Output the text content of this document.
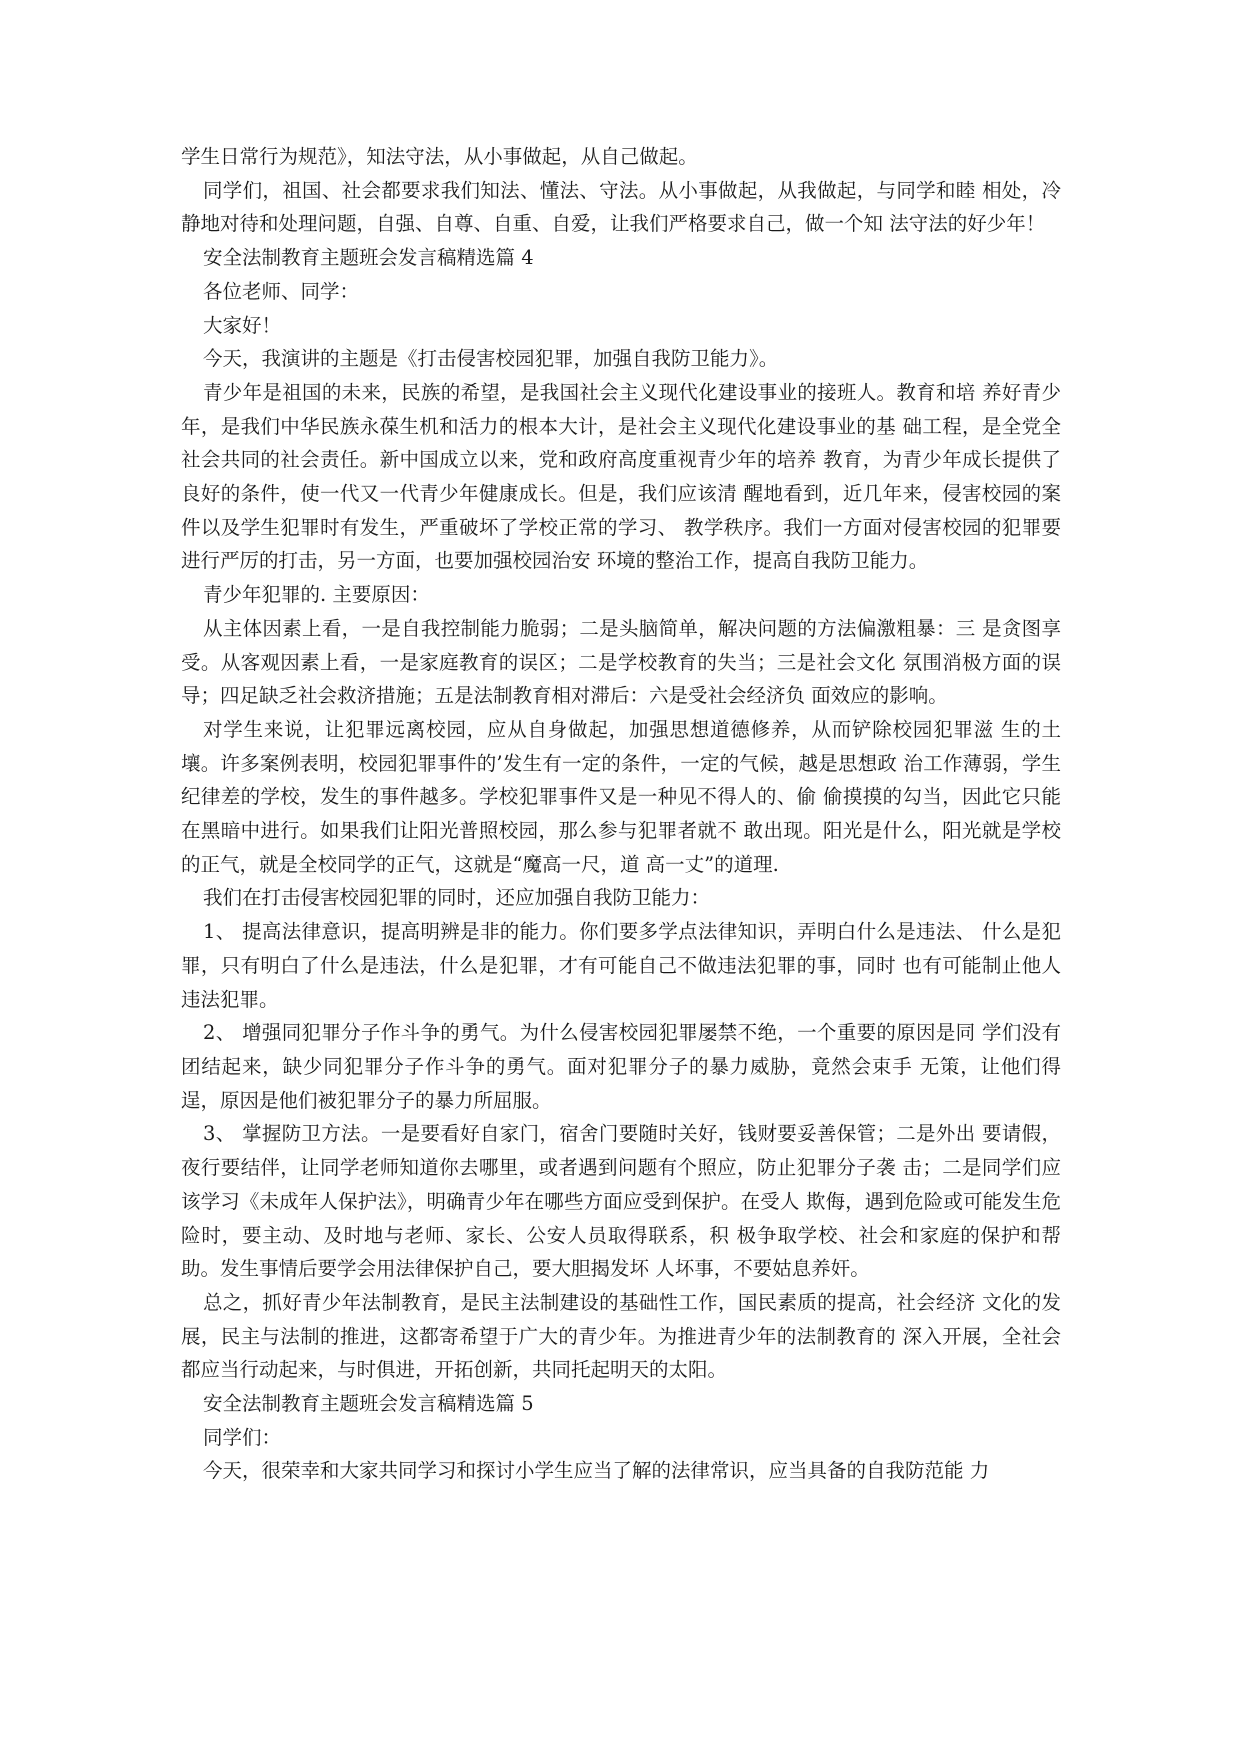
学生日常行为规范》，知法守法，从小事做起，从自己做起。

同学们，祖国、社会都要求我们知法、懂法、守法。从小事做起，从我做起，与同学和睦 相处，冷静地对待和处理问题，自强、自尊、自重、自爱，让我们严格要求自己，做一个知 法守法的好少年！

安全法制教育主题班会发言稿精选篇 4

各位老师、同学：

大家好！

今天，我演讲的主题是《打击侵害校园犯罪，加强自我防卫能力》。

青少年是祖国的未来，民族的希望，是我国社会主义现代化建设事业的接班人。教育和培 养好青少年，是我们中华民族永葆生机和活力的根本大计，是社会主义现代化建设事业的基 础工程，是全党全社会共同的社会责任。新中国成立以来，党和政府高度重视青少年的培养 教育，为青少年成长提供了良好的条件，使一代又一代青少年健康成长。但是，我们应该清 醒地看到，近几年来，侵害校园的案件以及学生犯罪时有发生，严重破坏了学校正常的学习、 教学秩序。我们一方面对侵害校园的犯罪要进行严厉的打击，另一方面，也要加强校园治安 环境的整治工作，提高自我防卫能力。

青少年犯罪的. 主要原因：

从主体因素上看，一是自我控制能力脆弱；二是头脑简单，解决问题的方法偏激粗暴：三 是贪图享受。从客观因素上看，一是家庭教育的误区；二是学校教育的失当；三是社会文化 氛围消极方面的误导；四足缺乏社会救济措施；五是法制教育相对滞后：六是受社会经济负 面效应的影响。

对学生来说，让犯罪远离校园，应从自身做起，加强思想道德修养，从而铲除校园犯罪滋 生的土壤。许多案例表明，校园犯罪事件的’发生有一定的条件，一定的气候，越是思想政 治工作薄弱，学生纪律差的学校，发生的事件越多。学校犯罪事件又是一种见不得人的、偷 偷摸摸的勾当，因此它只能在黑暗中进行。如果我们让阳光普照校园，那么参与犯罪者就不 敢出现。阳光是什么，阳光就是学校的正气，就是全校同学的正气，这就是“魔高一尺，道 高一丈”的道理.

我们在打击侵害校园犯罪的同时，还应加强自我防卫能力：

1、 提高法律意识，提高明辨是非的能力。你们要多学点法律知识，弄明白什么是违法、 什么是犯罪，只有明白了什么是违法，什么是犯罪，才有可能自己不做违法犯罪的事，同时 也有可能制止他人违法犯罪。

2、 增强同犯罪分子作斗争的勇气。为什么侵害校园犯罪屡禁不绝，一个重要的原因是同 学们没有团结起来，缺少同犯罪分子作斗争的勇气。面对犯罪分子的暴力威胁，竟然会束手 无策，让他们得逞，原因是他们被犯罪分子的暴力所屈服。

3、 掌握防卫方法。一是要看好自家门，宿舍门要随时关好，钱财要妥善保管；二是外出 要请假，夜行要结伴，让同学老师知道你去哪里，或者遇到问题有个照应，防止犯罪分子袭 击；二是同学们应该学习《未成年人保护法》，明确青少年在哪些方面应受到保护。在受人 欺侮，遇到危险或可能发生危险时，要主动、及时地与老师、家长、公安人员取得联系，积 极争取学校、社会和家庭的保护和帮助。发生事情后要学会用法律保护自己，要大胆揭发坏 人坏事，不要姑息养奸。

总之，抓好青少年法制教育，是民主法制建设的基础性工作，国民素质的提高，社会经济 文化的发展，民主与法制的推进，这都寄希望于广大的青少年。为推进青少年的法制教育的 深入开展，全社会都应当行动起来，与时俱进，开拓创新，共同托起明天的太阳。

安全法制教育主题班会发言稿精选篇 5

同学们：

今天，很荣幸和大家共同学习和探讨小学生应当了解的法律常识，应当具备的自我防范能 力
